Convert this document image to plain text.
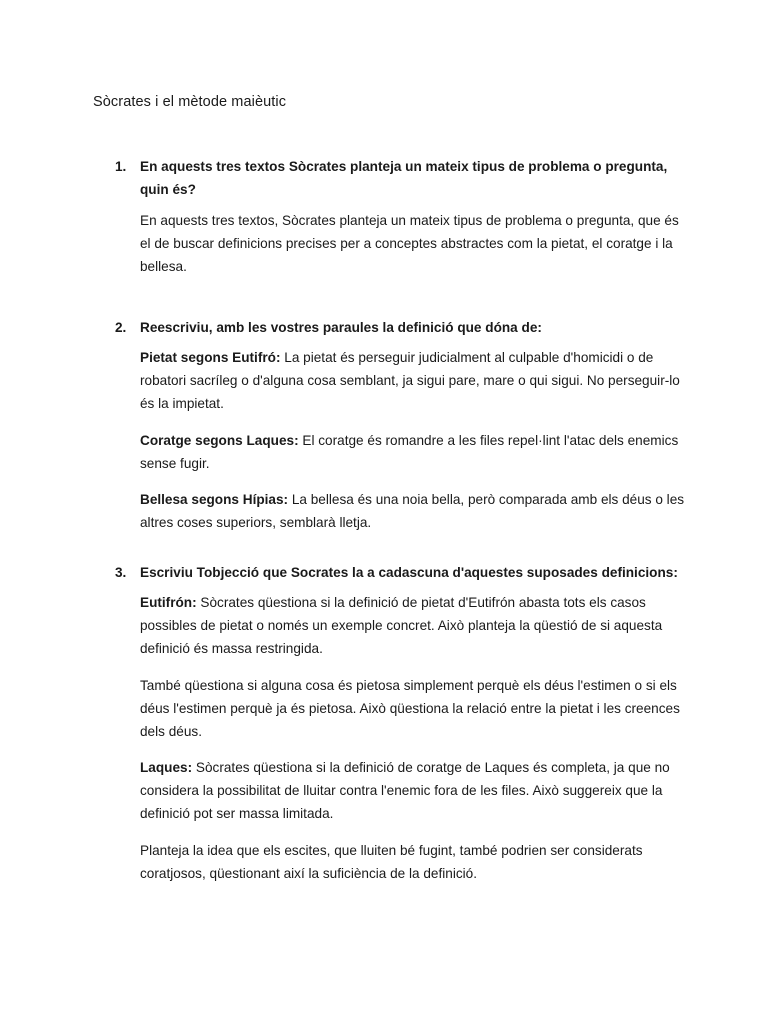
Sòcrates i el mètode maièutic
1.	En aquests tres textos Sòcrates planteja un mateix tipus de problema o pregunta, quin és?

En aquests tres textos, Sòcrates planteja un mateix tipus de problema o pregunta, que és el de buscar definicions precises per a conceptes abstractes com la pietat, el coratge i la bellesa.

2.	Reescriviu, amb les vostres paraules la definició que dóna de:

Pietat segons Eutifró: La pietat és perseguir judicialment al culpable d'homicidi o de robatori sacríleg o d'alguna cosa semblant, ja sigui pare, mare o qui sigui. No perseguir-lo és la impietat.

Coratge segons Laques: El coratge és romandre a les files repel·lint l'atac dels enemics sense fugir.

Bellesa segons Hípias: La bellesa és una noia bella, però comparada amb els déus o les altres coses superiors, semblarà lletja.

3.	Escriviu Tobjecció que Socrates la a cadascuna d'aquestes suposades definicions:

Eutifrón: Sòcrates qüestiona si la definició de pietat d'Eutifrón abasta tots els casos possibles de pietat o només un exemple concret. Això planteja la qüestió de si aquesta definició és massa restringida.

També qüestiona si alguna cosa és pietosa simplement perquè els déus l'estimen o si els déus l'estimen perquè ja és pietosa. Això qüestiona la relació entre la pietat i les creences dels déus.

Laques: Sòcrates qüestiona si la definició de coratge de Laques és completa, ja que no considera la possibilitat de lluitar contra l'enemic fora de les files. Això suggereix que la definició pot ser massa limitada.

Planteja la idea que els escites, que lluiten bé fugint, també podrien ser considerats coratjosos, qüestionant així la suficiència de la definició.
